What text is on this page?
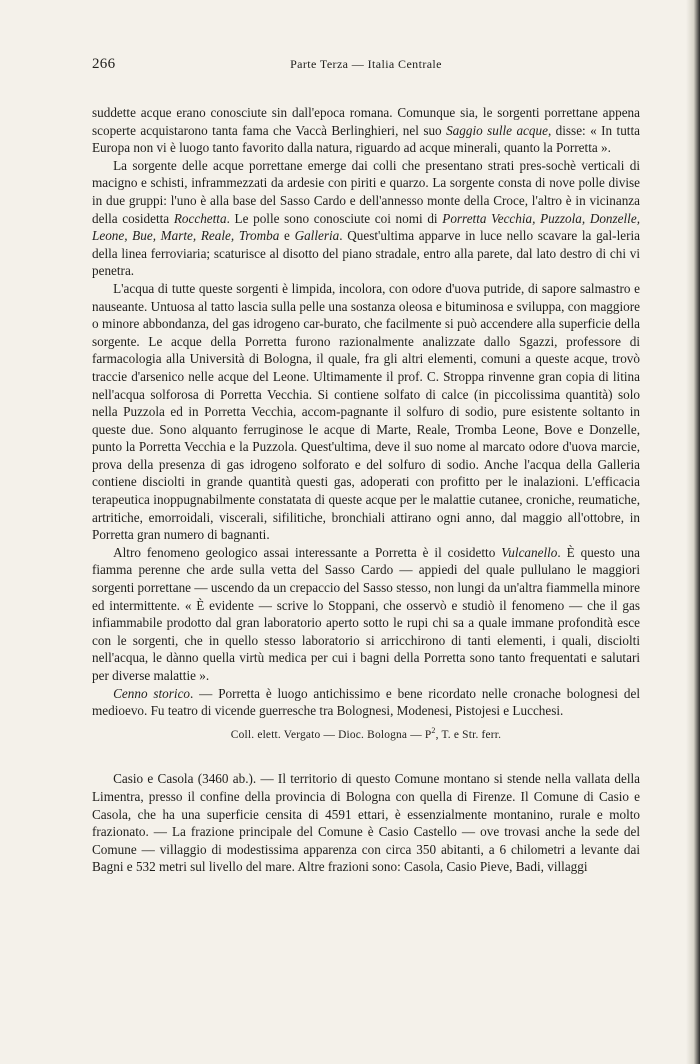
266	Parte Terza — Italia Centrale

suddette acque erano conosciute sin dall'epoca romana. Comunque sia, le sorgenti porrettane appena scoperte acquistarono tanta fama che Vaccà Berlinghieri, nel suo Saggio sulle acque, disse: « In tutta Europa non vi è luogo tanto favorito dalla natura, riguardo ad acque minerali, quanto la Porretta ».

La sorgente delle acque porrettane emerge dai colli che presentano strati pres-sochè verticali di macigno e schisti, inframmezzati da ardesie con piriti e quarzo. La sorgente consta di nove polle divise in due gruppi: l'uno è alla base del Sasso Cardo e dell'annesso monte della Croce, l'altro è in vicinanza della cosidetta Rocchetta. Le polle sono conosciute coi nomi di Porretta Vecchia, Puzzola, Donzelle, Leone, Bue, Marte, Reale, Tromba e Galleria. Quest'ultima apparve in luce nello scavare la gal-leria della linea ferroviaria; scaturisce al disotto del piano stradale, entro alla parete, dal lato destro di chi vi penetra.

L'acqua di tutte queste sorgenti è limpida, incolora, con odore d'uova putride, di sapore salmastro e nauseante. Untuosa al tatto lascia sulla pelle una sostanza oleosa e bituminosa e sviluppa, con maggiore o minore abbondanza, del gas idrogeno car-burato, che facilmente si può accendere alla superficie della sorgente. Le acque della Porretta furono razionalmente analizzate dallo Sgazzi, professore di farmacologia alla Università di Bologna, il quale, fra gli altri elementi, comuni a queste acque, trovò traccie d'arsenico nelle acque del Leone. Ultimamente il prof. C. Stroppa rinvenne gran copia di litina nell'acqua solforosa di Porretta Vecchia. Si contiene solfato di calce (in piccolissima quantità) solo nella Puzzola ed in Porretta Vecchia, accom-pagnante il solfuro di sodio, pure esistente soltanto in queste due. Sono alquanto ferruginose le acque di Marte, Reale, Tromba Leone, Bove e Donzelle, punto la Porretta Vecchia e la Puzzola. Quest'ultima, deve il suo nome al marcato odore d'uova marcie, prova della presenza di gas idrogeno solforato e del solfuro di sodio. Anche l'acqua della Galleria contiene disciolti in grande quantità questi gas, adoperati con profitto per le inalazioni. L'efficacia terapeutica inoppugnabilmente constatata di queste acque per le malattie cutanee, croniche, reumatiche, artritiche, emorroidali, viscerali, sifilitiche, bronchiali attirano ogni anno, dal maggio all'ottobre, in Porretta gran numero di bagnanti.

Altro fenomeno geologico assai interessante a Porretta è il cosidetto Vulcanello. È questo una fiamma perenne che arde sulla vetta del Sasso Cardo — appiedi del quale pullulano le maggiori sorgenti porrettane — uscendo da un crepaccio del Sasso stesso, non lungi da un'altra fiammella minore ed intermittente. « È evidente — scrive lo Stoppani, che osservò e studiò il fenomeno — che il gas infiammabile prodotto dal gran laboratorio aperto sotto le rupi chi sa a quale immane profondità esce con le sorgenti, che in quello stesso laboratorio si arricchirono di tanti elementi, i quali, disciolti nell'acqua, le dànno quella virtù medica per cui i bagni della Porretta sono tanto frequentati e salutari per diverse malattie ».

Cenno storico. — Porretta è luogo antichissimo e bene ricordato nelle cronache bolognesi del medioevo. Fu teatro di vicende guerresche tra Bolognesi, Modenesi, Pistojesi e Lucchesi.

Coll. elett. Vergato — Dioc. Bologna — $P^2$, T. e Str. ferr.

Casio e Casola (3460 ab.). — Il territorio di questo Comune montano si stende nella vallata della Limentra, presso il confine della provincia di Bologna con quella di Firenze. Il Comune di Casio e Casola, che ha una superficie censita di 4591 ettari, è essenzialmente montanino, rurale e molto frazionato. — La frazione principale del Comune è Casio Castello — ove trovasi anche la sede del Comune — villaggio di modestissima apparenza con circa 350 abitanti, a 6 chilometri a levante dai Bagni e 532 metri sul livello del mare. Altre frazioni sono: Casola, Casio Pieve, Badi, villaggi
